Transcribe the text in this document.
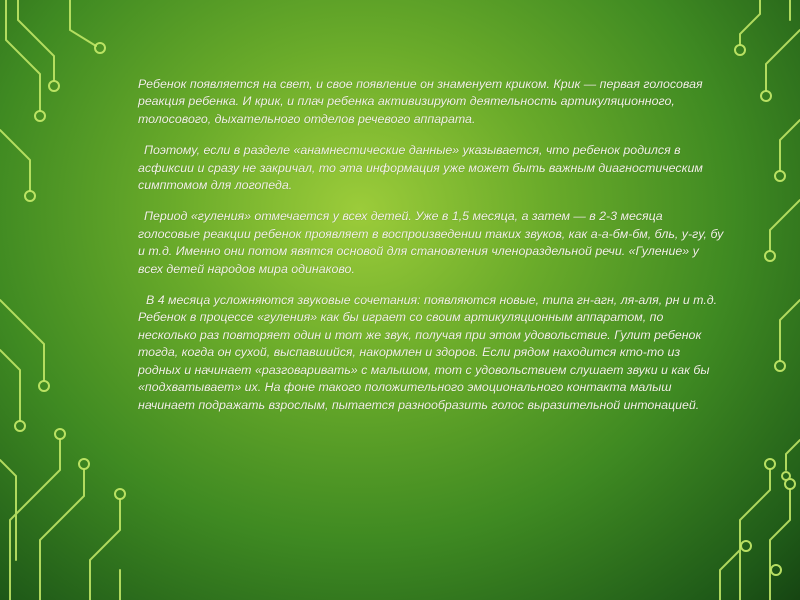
Ребенок появляется на свет, и свое появление он знаменует криком. Крик — первая голосовая реакция ребенка. И крик, и плач ребенка активизируют деятельность артикуляционного, толосового, дыхательного отделов речевого аппарата.
Поэтому, если в разделе «анамнестические данные» указывается, что ребенок родился в асфиксии и сразу не закричал, то эта информация уже может быть важным диагностическим симптомом для логопеда.
Период «гуления» отмечается у всех детей. Уже в 1,5 месяца, а затем — в 2-3 месяца голосовые реакции ребенок проявляет в воспроизведении таких звуков, как а-а-бм-бм, бль, у-гу, бу и т.д. Именно они потом явятся основой для становления членораздельной речи. «Гуление» у всех детей народов мира одинаково.
В 4 месяца усложняются звуковые сочетания: появляются новые, типа гн-агн, ля-аля, рн и т.д. Ребенок в процессе «гуления» как бы играет со своим артикуляционным аппаратом, по несколько раз повторяет один и тот же звук, получая при этом удовольствие. Гулит ребенок тогда, когда он сухой, выспавшийся, накормлен и здоров. Если рядом находится кто-то из родных и начинает «разговаривать» с малышом, тот с удовольствием слушает звуки и как бы «подхватывает» их. На фоне такого положительного эмоционального контакта малыш начинает подражать взрослым, пытается разнообразить голос выразительной интонацией.
